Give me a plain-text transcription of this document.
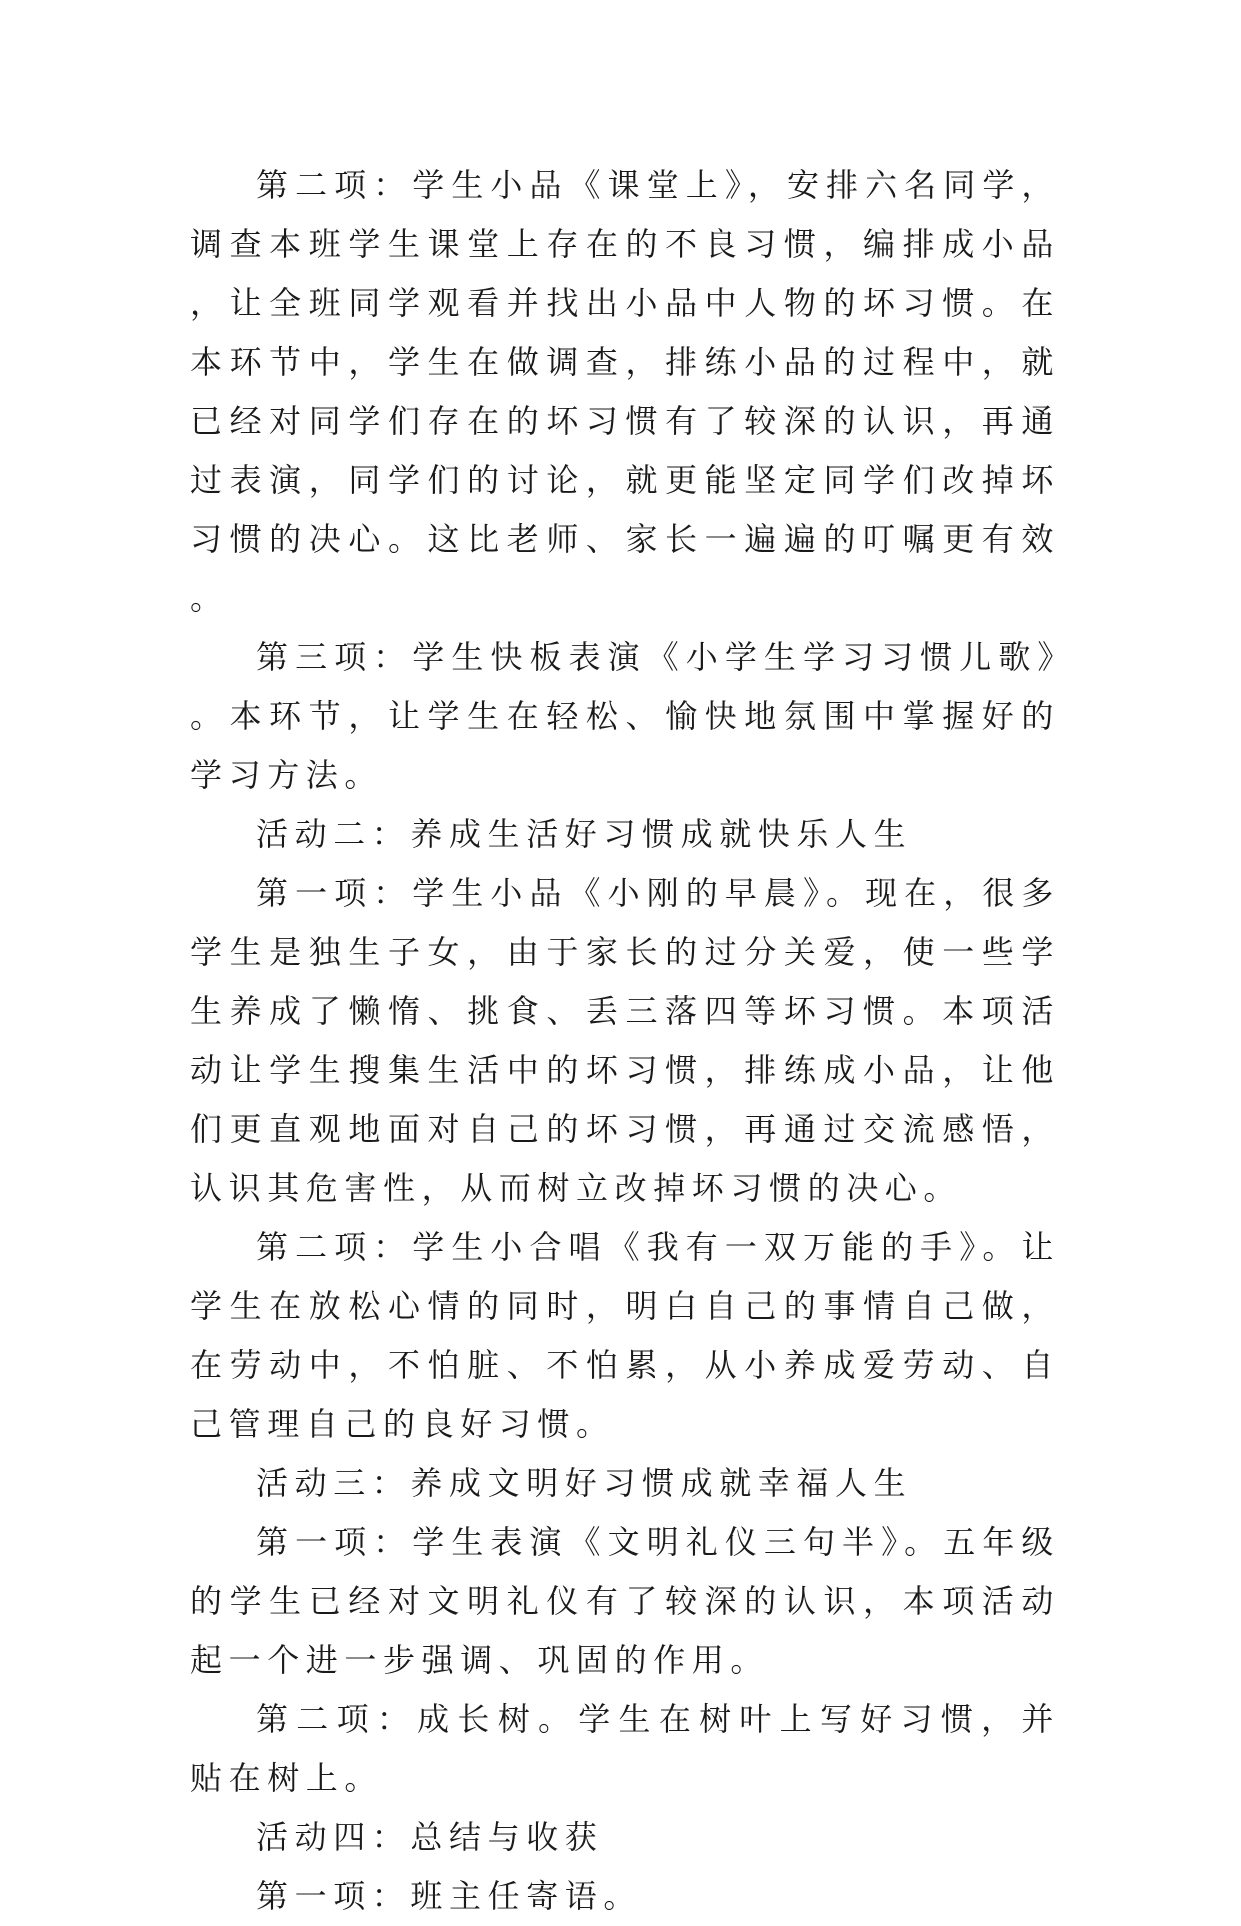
第二项：学生小品《课堂上》，安排六名同学，调查本班学生课堂上存在的不良习惯，编排成小品，让全班同学观看并找出小品中人物的坏习惯。在本环节中，学生在做调查，排练小品的过程中，就已经对同学们存在的坏习惯有了较深的认识，再通过表演，同学们的讨论，就更能坚定同学们改掉坏习惯的决心。这比老师、家长一遍遍的叮嘱更有效。

第三项：学生快板表演《小学生学习习惯儿歌》。本环节，让学生在轻松、愉快地氛围中掌握好的学习方法。

活动二：养成生活好习惯成就快乐人生

第一项：学生小品《小刚的早晨》。现在，很多学生是独生子女，由于家长的过分关爱，使一些学生养成了懒惰、挑食、丢三落四等坏习惯。本项活动让学生搜集生活中的坏习惯，排练成小品，让他们更直观地面对自己的坏习惯，再通过交流感悟，认识其危害性，从而树立改掉坏习惯的决心。

第二项：学生小合唱《我有一双万能的手》。让学生在放松心情的同时，明白自己的事情自己做，在劳动中，不怕脏、不怕累，从小养成爱劳动、自己管理自己的良好习惯。

活动三：养成文明好习惯成就幸福人生

第一项：学生表演《文明礼仪三句半》。五年级的学生已经对文明礼仪有了较深的认识，本项活动起一个进一步强调、巩固的作用。

第二项：成长树。学生在树叶上写好习惯，并贴在树上。

活动四：总结与收获

第一项：班主任寄语。
